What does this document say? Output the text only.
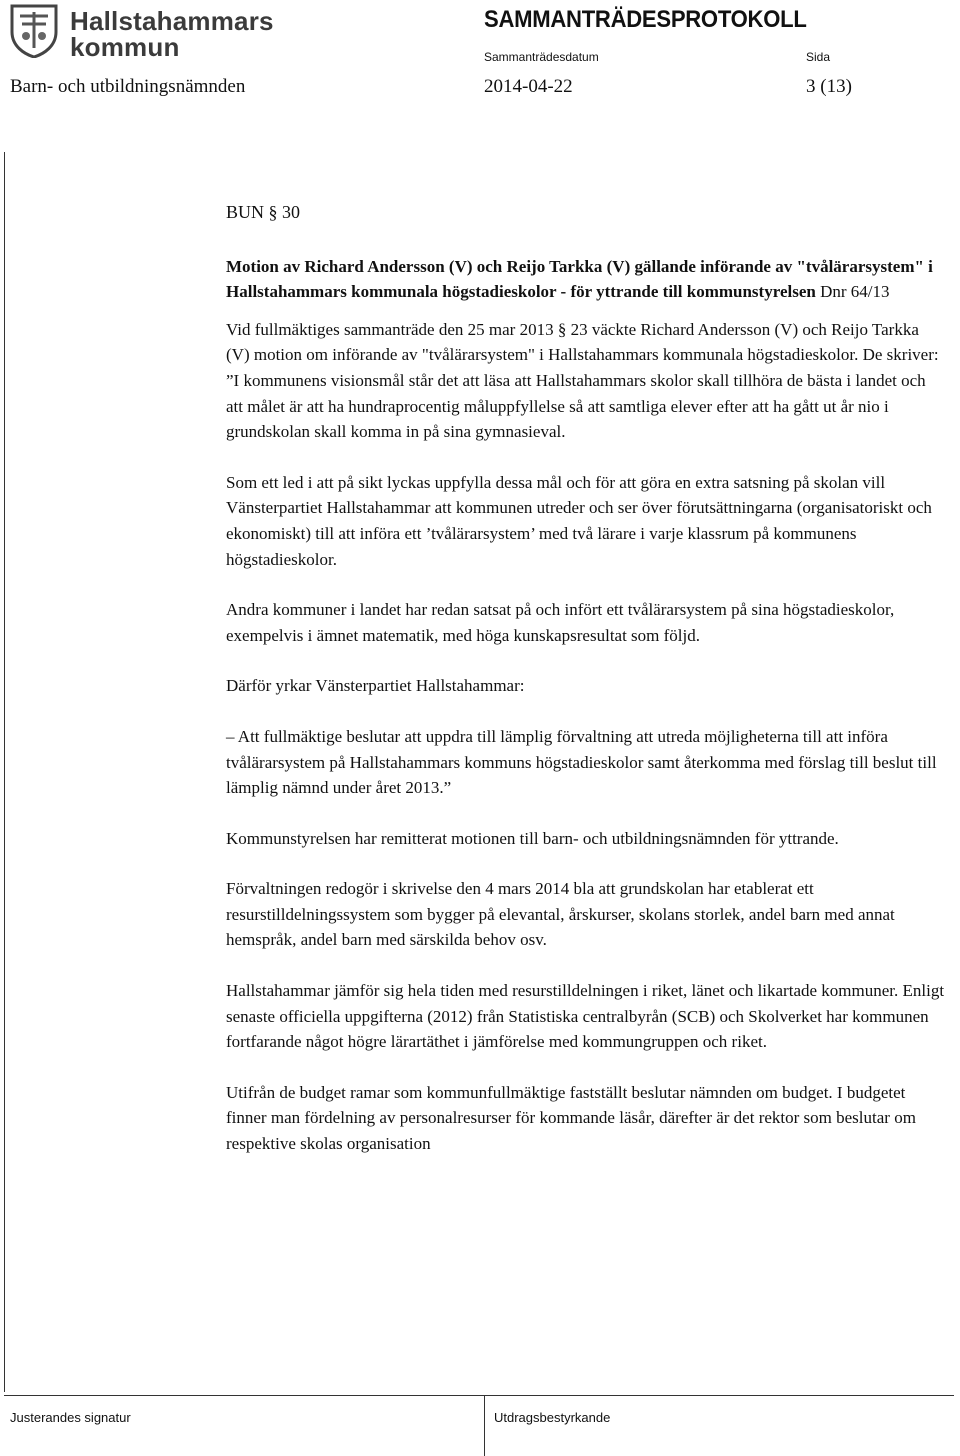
Hallstahammars
kommun
SAMMANTRÄDESPROTOKOLL
Sammanträdesdatum	Sida
Barn- och utbildningsnämnden	2014-04-22	3 (13)

BUN § 30

Motion av Richard Andersson (V) och Reijo Tarkka (V) gällande införande av "tvålärarsystem" i Hallstahammars kommunala högstadieskolor - för yttrande till kommunstyrelsen Dnr 64/13

Vid fullmäktiges sammanträde den 25 mar 2013 § 23 väckte Richard Andersson (V) och Reijo Tarkka (V) motion om införande av "tvålärarsystem" i Hallstahammars kommunala högstadieskolor. De skriver: ”I kommunens visionsmål står det att läsa att Hallstahammars skolor skall tillhöra de bästa i landet och att målet är att ha hundraprocentig måluppfyllelse så att samtliga elever efter att ha gått ut år nio i grundskolan skall komma in på sina gymnasieval.

Som ett led i att på sikt lyckas uppfylla dessa mål och för att göra en extra satsning på skolan vill Vänsterpartiet Hallstahammar att kommunen utreder och ser över förutsättningarna (organisatoriskt och ekonomiskt) till att införa ett ’tvålärarsystem’ med två lärare i varje klassrum på kommunens högstadieskolor.

Andra kommuner i landet har redan satsat på och infört ett tvålärarsystem på sina högstadieskolor, exempelvis i ämnet matematik, med höga kunskapsresultat som följd.

Därför yrkar Vänsterpartiet Hallstahammar:

– Att fullmäktige beslutar att uppdra till lämplig förvaltning att utreda möjligheterna till att införa tvålärarsystem på Hallstahammars kommuns högstadieskolor samt återkomma med förslag till beslut till lämplig nämnd under året 2013.”

Kommunstyrelsen har remitterat motionen till barn- och utbildningsnämnden för yttrande.

Förvaltningen redogör i skrivelse den 4 mars 2014 bla att grundskolan har etablerat ett resurstilldelningssystem som bygger på elevantal, årskurser, skolans storlek, andel barn med annat hemspråk, andel barn med särskilda behov osv.

Hallstahammar jämför sig hela tiden med resurstilldelningen i riket, länet och likartade kommuner. Enligt senaste officiella uppgifterna (2012) från Statistiska centralbyrån (SCB) och Skolverket har kommunen fortfarande något högre lärartäthet i jämförelse med kommungruppen och riket.

Utifrån de budget ramar som kommunfullmäktige fastställt beslutar nämnden om budget. I budgetet finner man fördelning av personalresurser för kommande läsår, därefter är det rektor som beslutar om respektive skolas organisation

Justerandes signatur	Utdragsbestyrkande
